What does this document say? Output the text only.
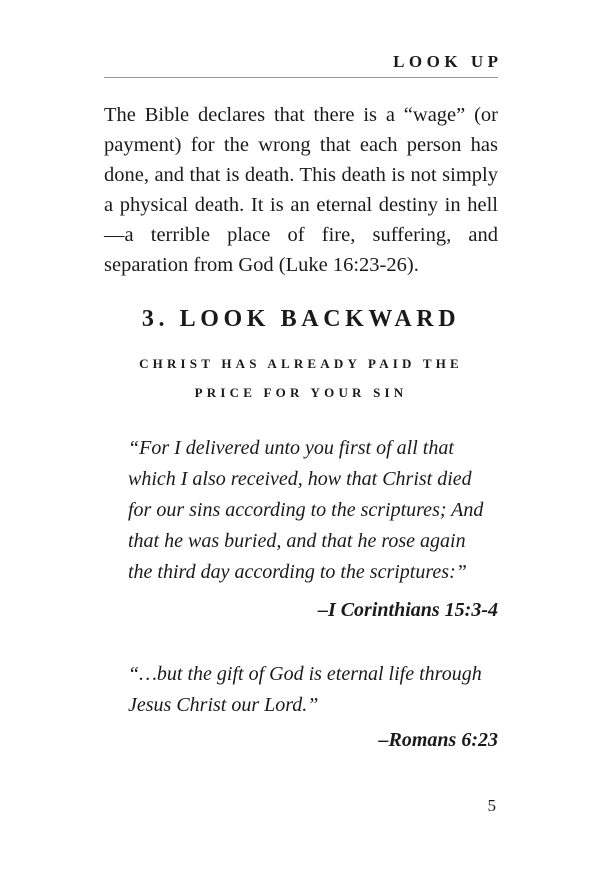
LOOK UP

The Bible declares that there is a “wage” (or payment) for the wrong that each person has done, and that is death. This death is not simply a physical death. It is an eternal destiny in hell—a terrible place of fire, suffering, and separation from God (Luke 16:23-26).

3. LOOK BACKWARD
CHRIST HAS ALREADY PAID THE
PRICE FOR YOUR SIN
“For I delivered unto you first of all that
which I also received, how that Christ died
for our sins according to the scriptures; And
that he was buried, and that he rose again
the third day according to the scriptures:”
–I Corinthians 15:3-4
“…but the gift of God is eternal life through
Jesus Christ our Lord.”
–Romans 6:23
5
